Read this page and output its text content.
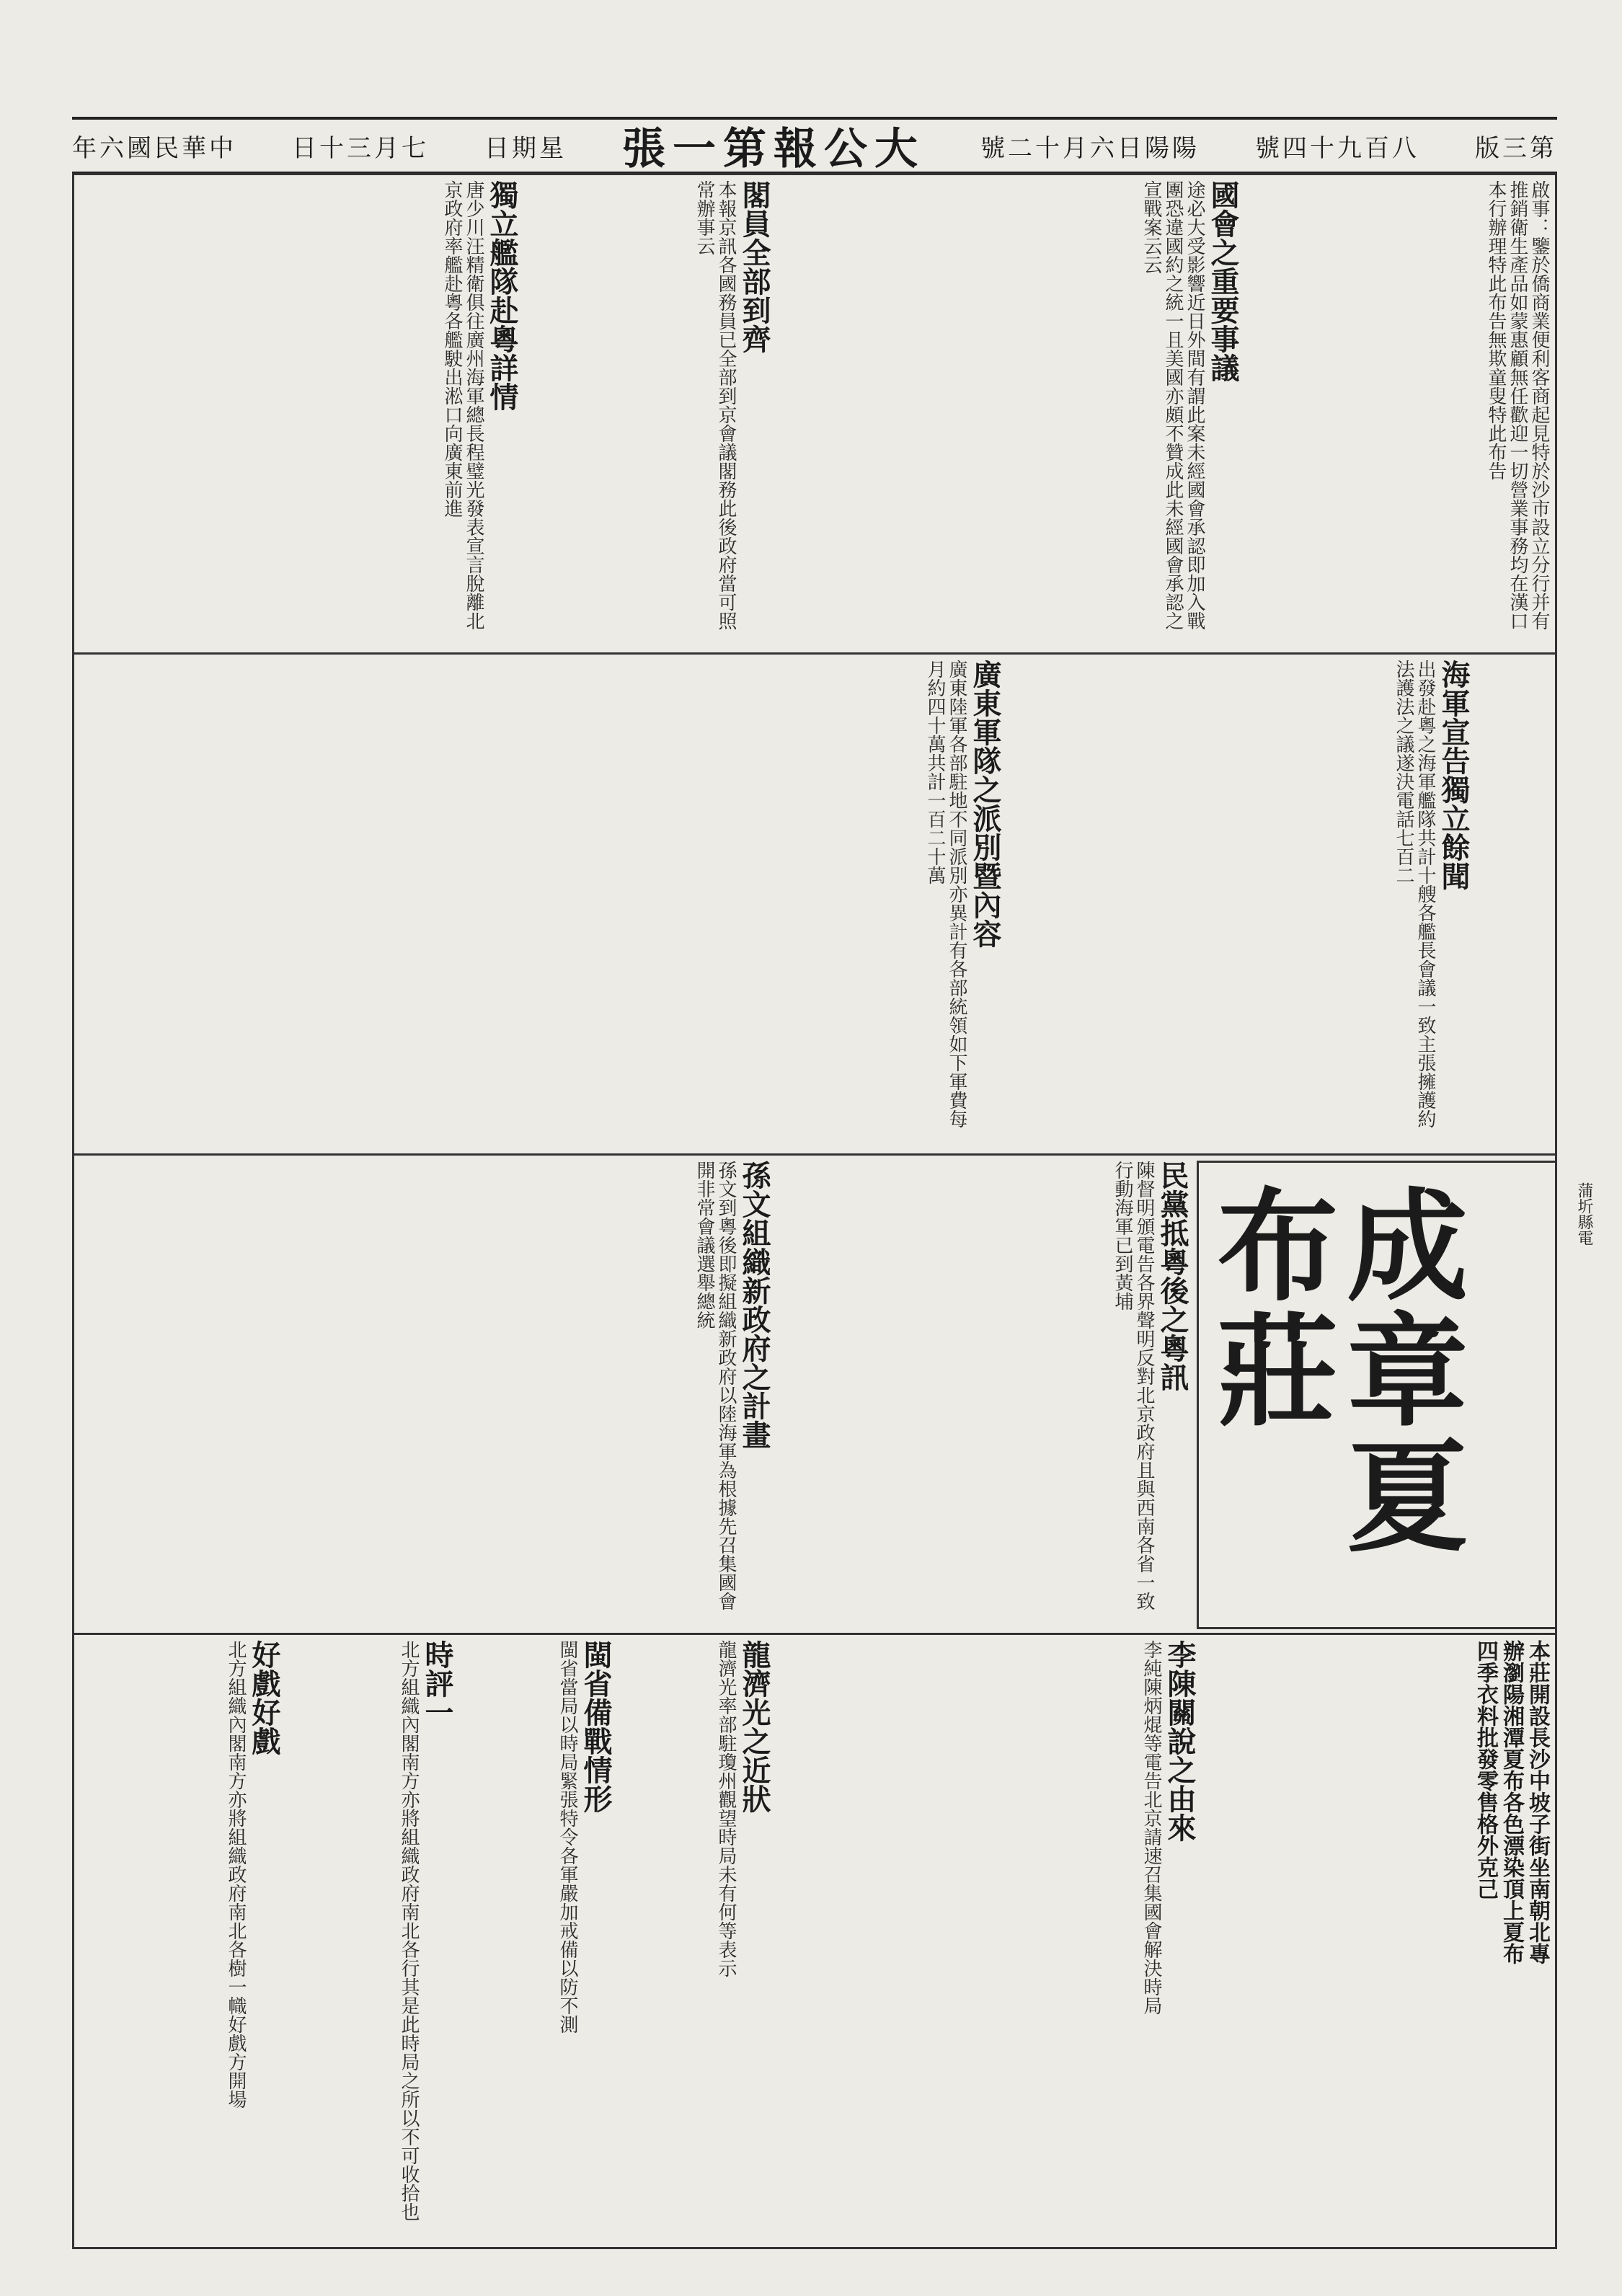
版三第
號四十九百八
號二十月六日陽陽
張一第報公大
日期星
日十三月七
年六國民華中
啟事：鑒於僑商業便利客商起見特於沙市設立分行并有推銷衛生產品如蒙惠顧無任歡迎一切營業事務均在漢口本行辦理特此布告無欺童叟特此布告
國會之重要事議
途必大受影響近日外間有謂此案未經國會承認即加入戰團恐違國約之統一且美國亦頗不贊成此未經國會承認之宣戰案云云
閣員全部到齊
本報京訊各國務員已全部到京會議閣務此後政府當可照常辦事云
獨立艦隊赴粵詳情
唐少川汪精衛俱往廣州海軍總長程璧光發表宣言脫離北京政府率艦赴粵各艦駛出淞口向廣東前進
海軍宣告獨立餘聞
出發赴粵之海軍艦隊共計十艘各艦長會議一致主張擁護約法護法之議遂決電話七百二
廣東軍隊之派別暨內容
廣東陸軍各部駐地不同派別亦異計有各部統領如下軍費每月約四十萬共計一百二十萬
民黨抵粵後之粵訊
陳督明頒電告各界聲明反對北京政府且與西南各省一致行動海軍已到黃埔
孫文組織新政府之計畫
孫文到粵後即擬組織新政府以陸海軍為根據先召集國會開非常會議選舉總統	成章夏布莊
本莊開設長沙中坡子街坐南朝北專辦瀏陽湘潭夏布各色漂染頂上夏布四季衣料批發零售格外克己
李陳關說之由來
李純陳炳焜等電告北京請速召集國會解決時局
龍濟光之近狀
龍濟光率部駐瓊州觀望時局未有何等表示
閩省備戰情形
閩省當局以時局緊張特令各軍嚴加戒備以防不測
時評一
北方組織內閣南方亦將組織政府南北各行其是此時局之所以不可收拾也
好戲好戲
北方組織內閣南方亦將組織政府南北各樹一幟好戲方開場
蒲圻縣電
